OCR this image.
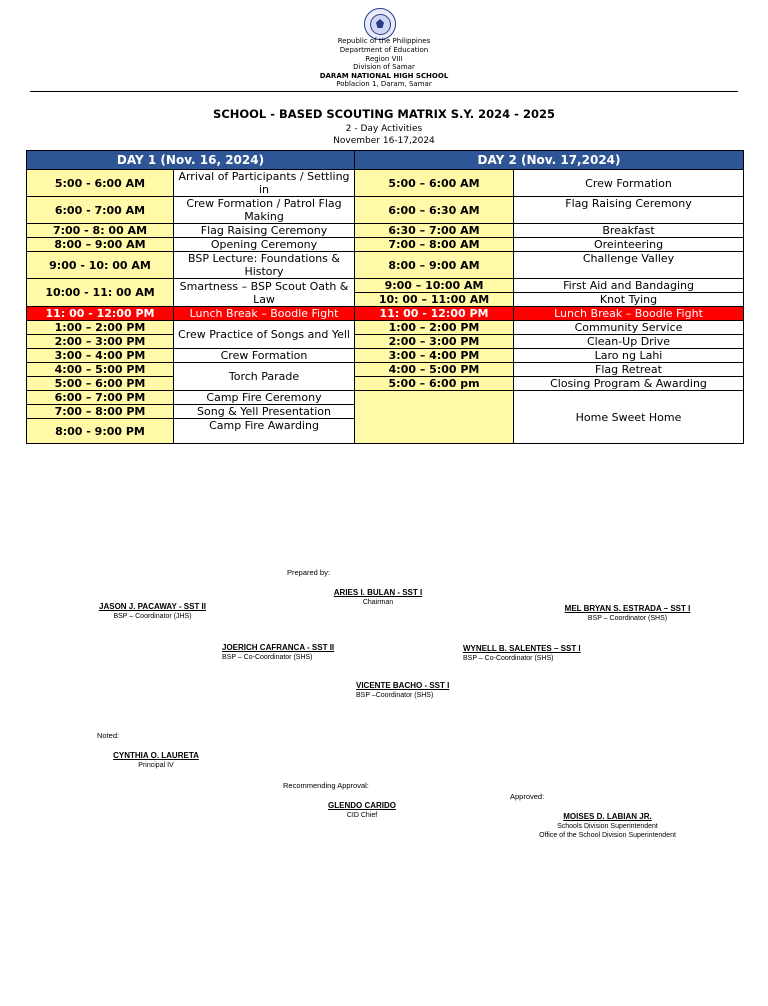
Republic of the Philippines
Department of Education
Region VIII
Division of Samar
DARAM NATIONAL HIGH SCHOOL
Poblacion 1, Daram, Samar
SCHOOL - BASED SCOUTING MATRIX S.Y. 2024 - 2025
2 - Day Activities
November 16-17,2024
DAY 1 (Nov. 16, 2024)		DAY 2 (Nov. 17,2024)	
5:00 - 6:00 AM	Arrival of Participants / Settling in	5:00 – 6:00 AM	Crew Formation
6:00 - 7:00 AM	Crew Formation / Patrol Flag Making	6:00 – 6:30 AM	Flag Raising Ceremony
7:00 - 8: 00 AM	Flag Raising Ceremony	6:30 – 7:00 AM	Breakfast
8:00 – 9:00 AM	Opening Ceremony	7:00 – 8:00 AM	Oreinteering
9:00 - 10: 00 AM	BSP Lecture: Foundations & History	8:00 – 9:00 AM	Challenge Valley
10:00 - 11: 00 AM	Smartness – BSP Scout Oath & Law	9:00 – 10:00 AM	First Aid and Bandaging
		10: 00 – 11:00 AM	Knot Tying
11: 00 - 12:00 PM	Lunch Break – Boodle Fight	11: 00 - 12:00 PM	Lunch Break – Boodle Fight
1:00 – 2:00 PM	Crew Practice of Songs and Yell	1:00 – 2:00 PM	Community Service
2:00 – 3:00 PM		2:00 – 3:00 PM	Clean-Up Drive
3:00 – 4:00 PM	Crew Formation	3:00 – 4:00 PM	Laro ng Lahi
4:00 – 5:00 PM	Torch Parade	4:00 – 5:00 PM	Flag Retreat
5:00 – 6:00 PM		5:00 – 6:00 pm	Closing Program & Awarding
6:00 – 7:00 PM	Camp Fire Ceremony		Home Sweet Home
7:00 – 8:00 PM	Song & Yell Presentation		
8:00 - 9:00 PM	Camp Fire Awarding		
Prepared by:
ARIES I. BULAN - SST I
Chairman
JASON J. PACAWAY - SST II
BSP – Coordinator (JHS)
MEL BRYAN S. ESTRADA – SST I
BSP – Coordinator (SHS)
JOERICH CAFRANCA - SST II
BSP – Co-Coordinator (SHS)
WYNELL B. SALENTES – SST I
BSP – Co-Coordinator (SHS)
VICENTE BACHO - SST I
BSP –Coordinator (SHS)
Noted:
CYNTHIA O. LAURETA
Principal IV
Recommending Approval:
GLENDO CARIDO
CID Chief
Approved:
MOISES D. LABIAN JR.
Schools Division Superintendent
Office of the School Division Superintendent
